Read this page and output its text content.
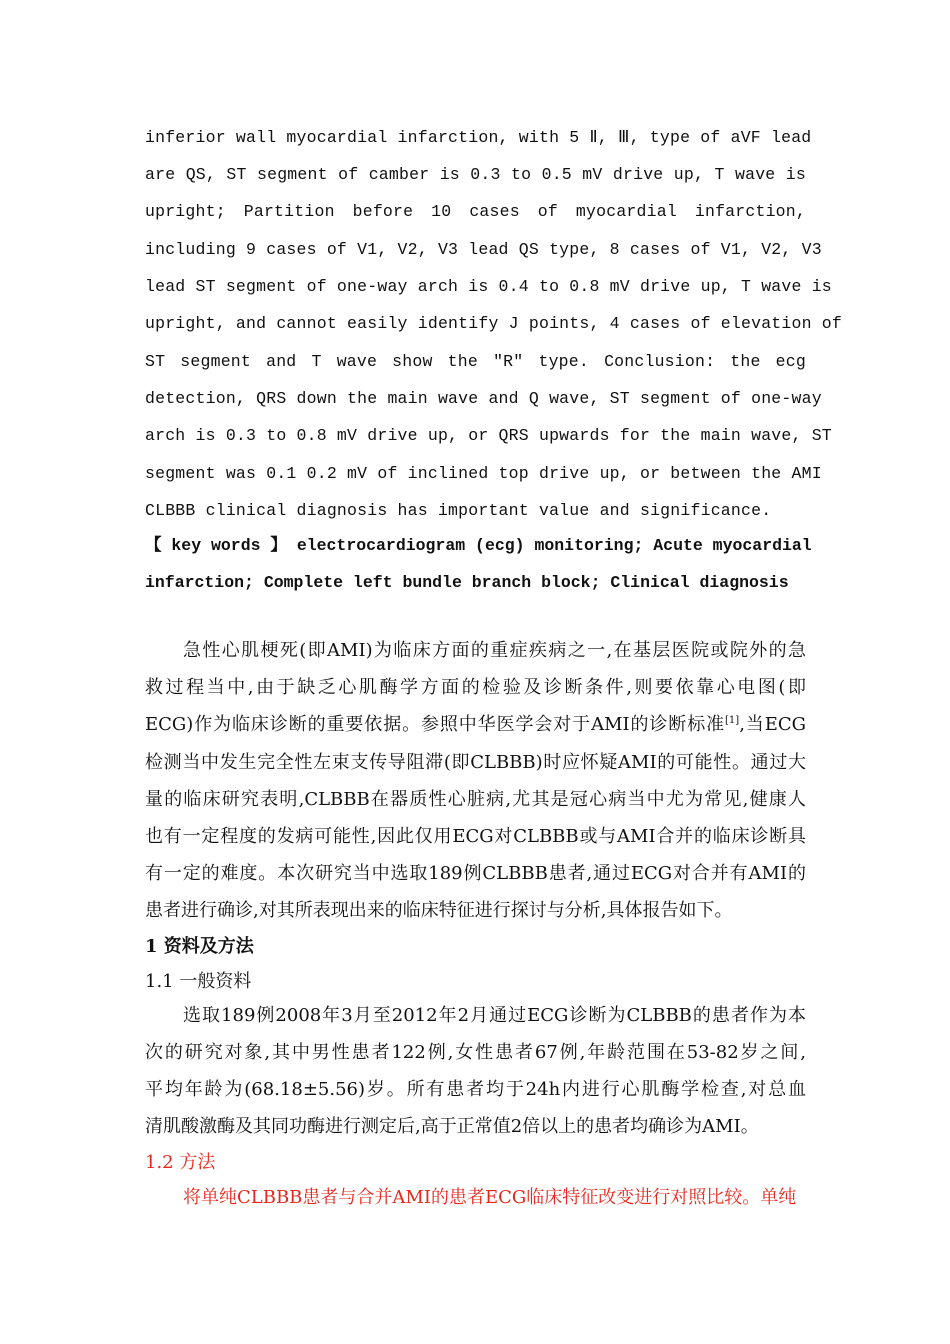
inferior wall myocardial infarction, with 5 Ⅱ, Ⅲ, type of aVF lead
are QS, ST segment of camber is 0.3 to 0.5 mV drive up, T wave is
upright; Partition before 10 cases of myocardial infarction,
including 9 cases of V1, V2, V3 lead QS type, 8 cases of V1, V2, V3
lead ST segment of one-way arch is 0.4 to 0.8 mV drive up, T wave is
upright, and cannot easily identify J points, 4 cases of elevation of
ST segment and T wave show the "R" type. Conclusion: the ecg
detection, QRS down the main wave and Q wave, ST segment of one-way
arch is 0.3 to 0.8 mV drive up, or QRS upwards for the main wave, ST
segment was 0.1 0.2 mV of inclined top drive up, or between the AMI
CLBBB clinical diagnosis has important value and significance.
【 key words 】 electrocardiogram (ecg) monitoring; Acute myocardial
infarction; Complete left bundle branch block; Clinical diagnosis
急性心肌梗死(即AMI)为临床方面的重症疾病之一,在基层医院或院外的急
救过程当中,由于缺乏心肌酶学方面的检验及诊断条件,则要依靠心电图(即
ECG)作为临床诊断的重要依据。参照中华医学会对于AMI的诊断标准[1],当ECG
检测当中发生完全性左束支传导阻滞(即CLBBB)时应怀疑AMI的可能性。通过大
量的临床研究表明,CLBBB在器质性心脏病,尤其是冠心病当中尤为常见,健康人
也有一定程度的发病可能性,因此仅用ECG对CLBBB或与AMI合并的临床诊断具
有一定的难度。本次研究当中选取189例CLBBB患者,通过ECG对合并有AMI的
患者进行确诊,对其所表现出来的临床特征进行探讨与分析,具体报告如下。
1 资料及方法
1.1 一般资料
选取189例2008年3月至2012年2月通过ECG诊断为CLBBB的患者作为本
次的研究对象,其中男性患者122例,女性患者67例,年龄范围在53-82岁之间,
平均年龄为(68.18±5.56)岁。所有患者均于24h内进行心肌酶学检查,对总血
清肌酸激酶及其同功酶进行测定后,高于正常值2倍以上的患者均确诊为AMI。
1.2 方法
将单纯CLBBB患者与合并AMI的患者ECG临床特征改变进行对照比较。单纯
